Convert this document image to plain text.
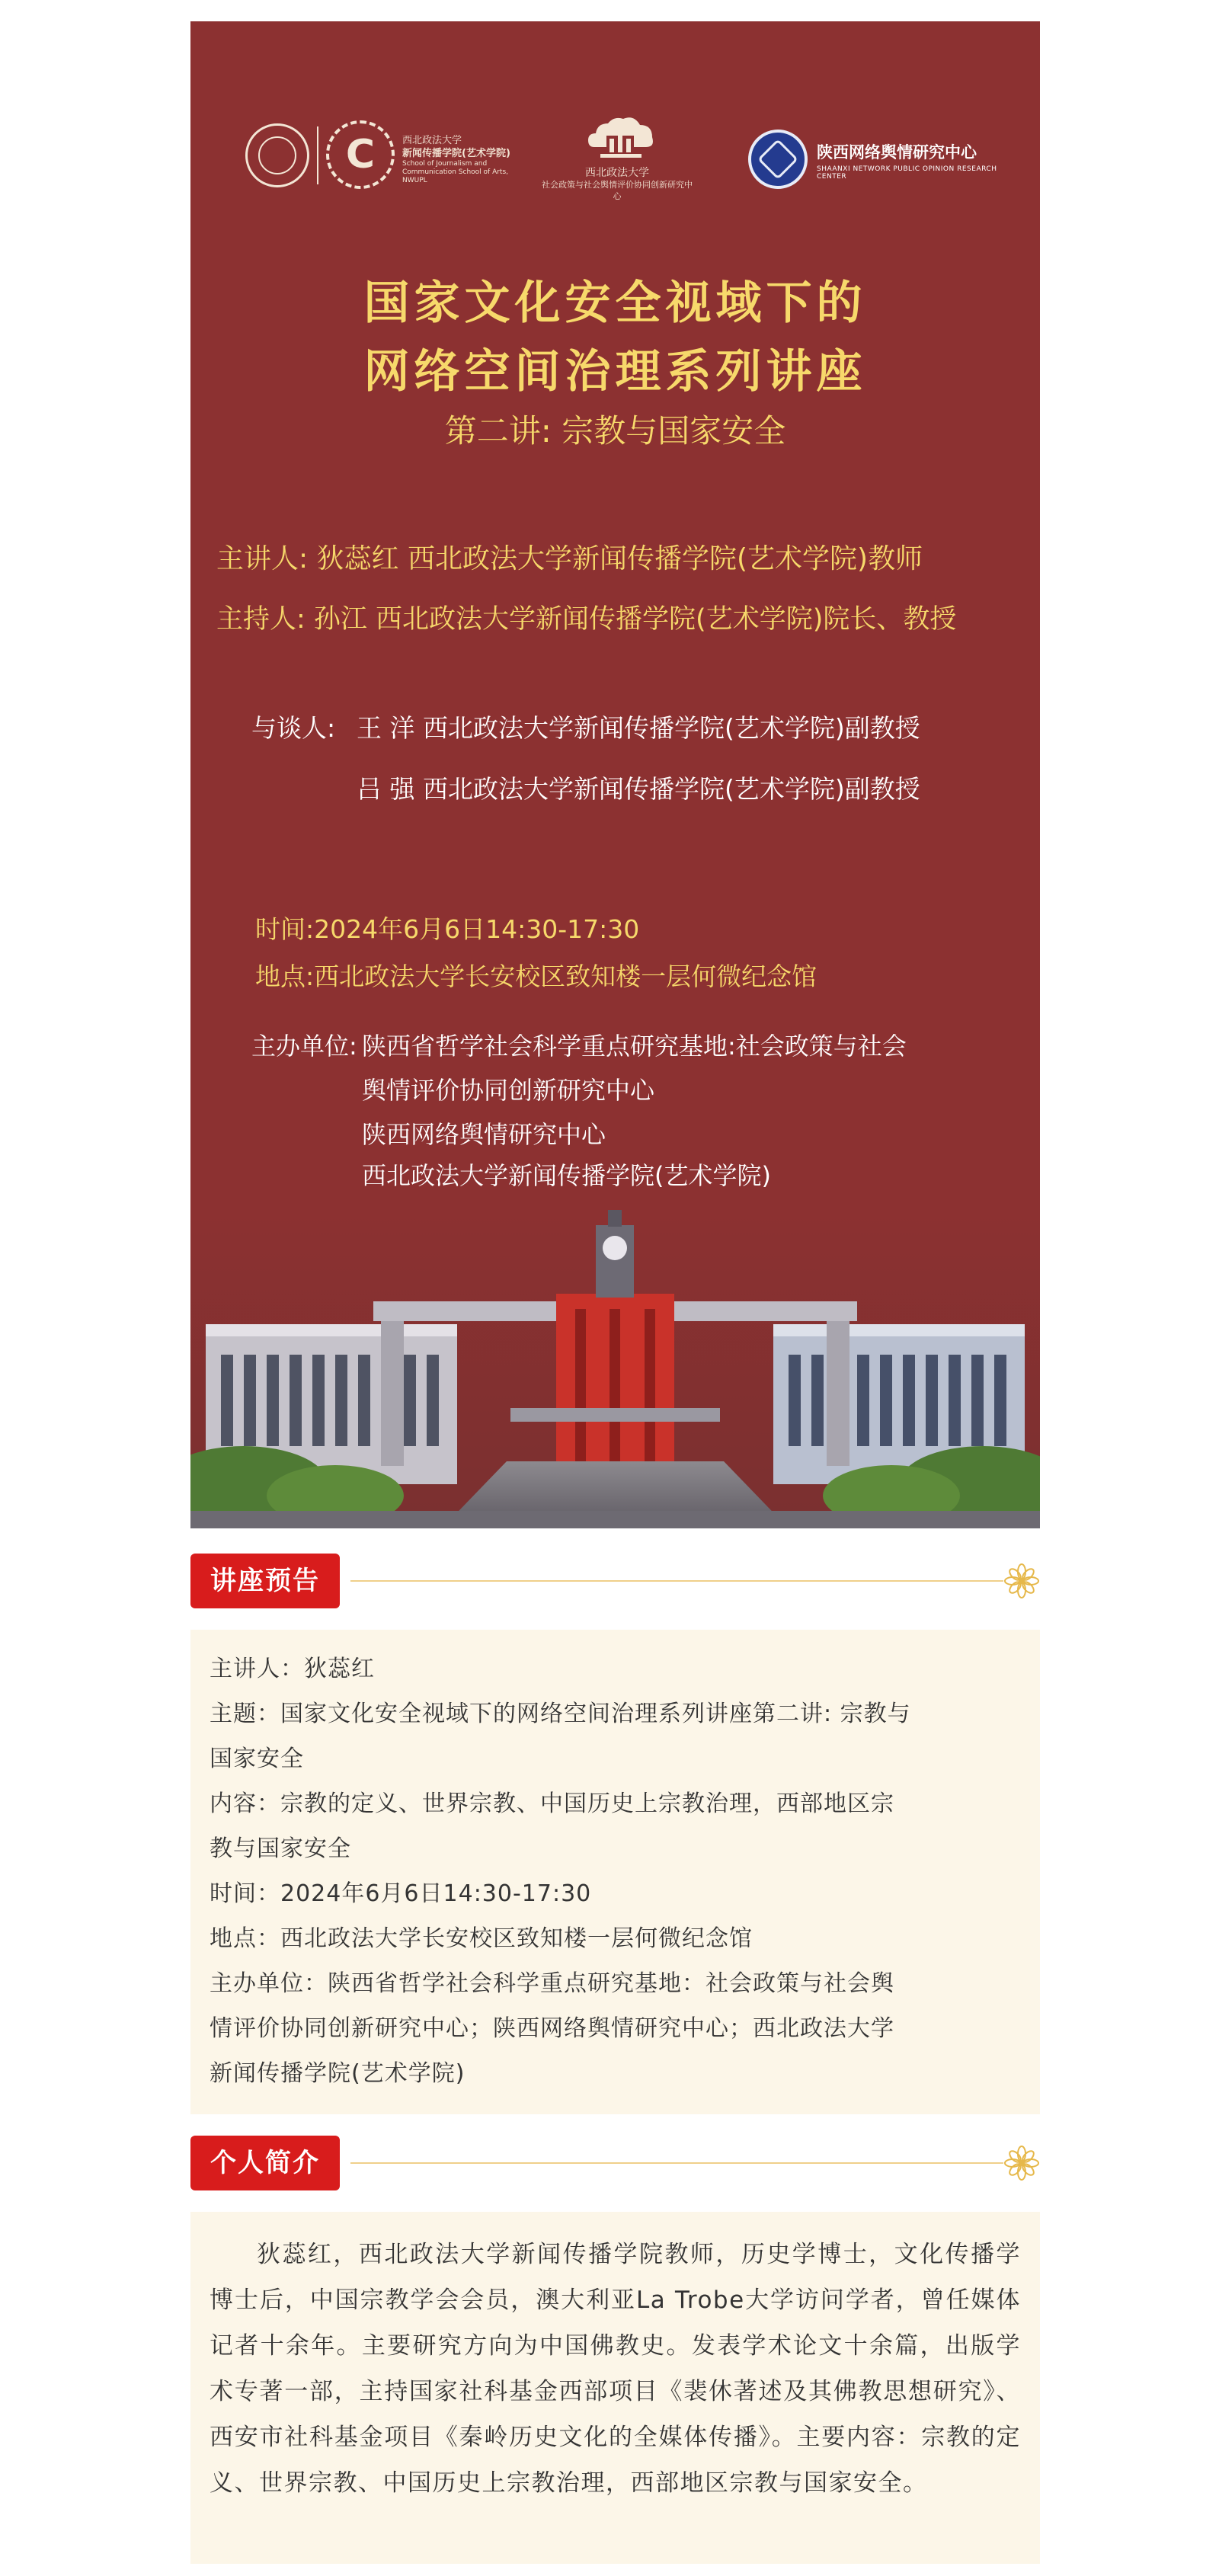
C	西北政法大学
新闻传播学院(艺术学院)
School of Journalism and Communication School of Arts, NWUPL
西北政法大学
社会政策与社会舆情评价协同创新研究中心
陕西网络舆情研究中心
SHAANXI NETWORK PUBLIC OPINION RESEARCH CENTER
国家文化安全视域下的
网络空间治理系列讲座
第二讲: 宗教与国家安全
主讲人: 狄蕊红 西北政法大学新闻传播学院(艺术学院)教师
主持人: 孙江 西北政法大学新闻传播学院(艺术学院)院长、教授
与谈人: 王 洋 西北政法大学新闻传播学院(艺术学院)副教授
吕 强 西北政法大学新闻传播学院(艺术学院)副教授
时间:2024年6月6日14:30-17:30
地点:西北政法大学长安校区致知楼一层何微纪念馆
主办单位: 陕西省哲学社会科学重点研究基地:社会政策与社会
舆情评价协同创新研究中心
陕西网络舆情研究中心
西北政法大学新闻传播学院(艺术学院)
讲座预告
主讲人：狄蕊红
主题：国家文化安全视域下的网络空间治理系列讲座第二讲: 宗教与
国家安全
内容：宗教的定义、世界宗教、中国历史上宗教治理，西部地区宗
教与国家安全
时间：2024年6月6日14:30-17:30
地点：西北政法大学长安校区致知楼一层何微纪念馆
主办单位：陕西省哲学社会科学重点研究基地：社会政策与社会舆
情评价协同创新研究中心；陕西网络舆情研究中心；西北政法大学
新闻传播学院(艺术学院)
个人简介
狄蕊红，西北政法大学新闻传播学院教师，历史学博士，文化传播学博士后，中国宗教学会会员，澳大利亚La Trobe大学访问学者，曾任媒体记者十余年。主要研究方向为中国佛教史。发表学术论文十余篇，出版学术专著一部，主持国家社科基金西部项目《裴休著述及其佛教思想研究》、西安市社科基金项目《秦岭历史文化的全媒体传播》。主要内容：宗教的定义、世界宗教、中国历史上宗教治理，西部地区宗教与国家安全。
